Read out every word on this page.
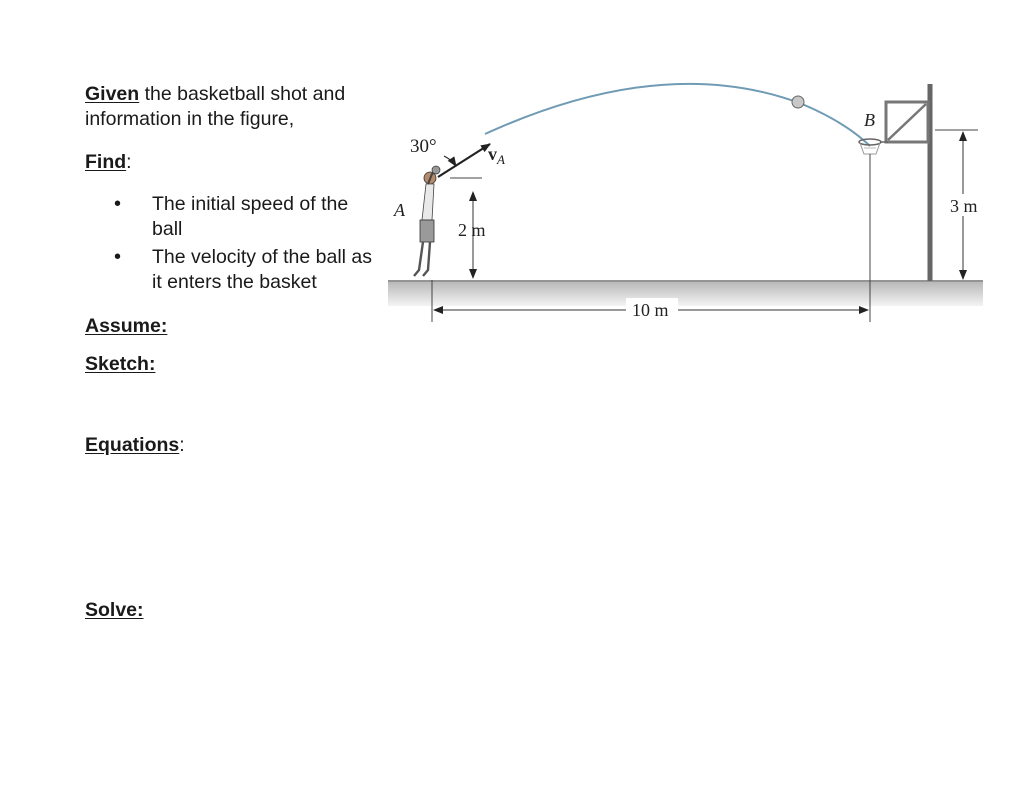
Given the basketball shot and information in the figure,

Find:

• The initial speed of the ball
• The velocity of the ball as it enters the basket

Assume:

Sketch:

Equations:

Solve:

30°	$v_A$
A
2 m
B
3 m
10 m
